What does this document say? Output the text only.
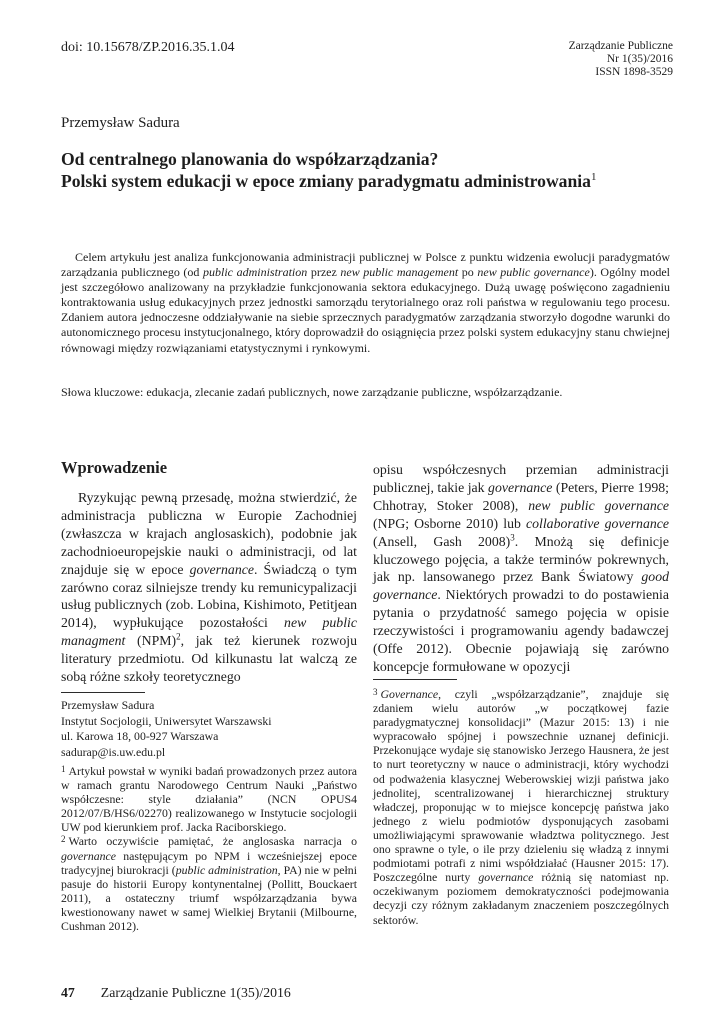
doi: 10.15678/ZP.2016.35.1.04	Zarządzanie Publiczne
Nr 1(35)/2016
ISSN 1898-3529
Przemysław Sadura
Od centralnego planowania do współzarządzania?
Polski system edukacji w epoce zmiany paradygmatu administrowania$^1$

Celem artykułu jest analiza funkcjonowania administracji publicznej w Polsce z punktu widzenia ewolucji paradygmatów zarządzania publicznego (od public administration przez new public management po new public governance). Ogólny model jest szczegółowo analizowany na przykładzie funkcjonowania sektora edukacyjnego. Dużą uwagę poświęcono zagadnieniu kontraktowania usług edukacyjnych przez jednostki samorządu terytorialnego oraz roli państwa w regulowaniu tego procesu. Zdaniem autora jednoczesne oddziaływanie na siebie sprzecznych paradygmatów zarządzania stworzyło dogodne warunki do autonomicznego procesu instytucjonalnego, który doprowadził do osiągnięcia przez polski system edukacyjny stanu chwiejnej równowagi między rozwiązaniami etatystycznymi i rynkowymi.

Słowa kluczowe: edukacja, zlecanie zadań publicznych, nowe zarządzanie publiczne, współzarządzanie.
Wprowadzenie

Ryzykując pewną przesadę, można stwierdzić, że administracja publiczna w Europie Zachodniej (zwłaszcza w krajach anglosaskich), podobnie jak zachodnioeuropejskie nauki o administracji, od lat znajduje się w epoce governance. Świadczą o tym zarówno coraz silniejsze trendy ku remunicypalizacji usług publicznych (zob. Lobina, Kishimoto, Petitjean 2014), wypłukujące pozostałości new public managment (NPM)$^2$, jak też kierunek rozwoju literatury przedmiotu. Od kilkunastu lat walczą ze sobą różne szkoły teoretycznego

opisu współczesnych przemian administracji publicznej, takie jak governance (Peters, Pierre 1998; Chhotray, Stoker 2008), new public governance (NPG; Osborne 2010) lub collaborative governance (Ansell, Gash 2008)$^3$. Mnożą się definicje kluczowego pojęcia, a także terminów pokrewnych, jak np. lansowanego przez Bank Światowy good governance. Niektórych prowadzi to do postawienia pytania o przydatność samego pojęcia w opisie rzeczywistości i programowaniu agendy badawczej (Offe 2012). Obecnie pojawiają się zarówno koncepcje formułowane w opozycji

Przemysław Sadura
Instytut Socjologii, Uniwersytet Warszawski
ul. Karowa 18, 00-927 Warszawa
sadurap@is.uw.edu.pl

$^1$ Artykuł powstał w wyniki badań prowadzonych przez autora w ramach grantu Narodowego Centrum Nauki „Państwo współczesne: style działania” (NCN OPUS4 2012/07/B/HS6/02270) realizowanego w Instytucie socjologii UW pod kierunkiem prof. Jacka Raciborskiego.

$^2$ Warto oczywiście pamiętać, że anglosaska narracja o governance następującym po NPM i wcześniejszej epoce tradycyjnej biurokracji (public administration, PA) nie w pełni pasuje do historii Europy kontynentalnej (Pollitt, Bouckaert 2011), a ostateczny triumf współzarządzania bywa kwestionowany nawet w samej Wielkiej Brytanii (Milbourne, Cushman 2012).

$^3$ Governance, czyli „współzarządzanie”, znajduje się zdaniem wielu autorów „w początkowej fazie paradygmatycznej konsolidacji” (Mazur 2015: 13) i nie wypracowało spójnej i powszechnie uznanej definicji. Przekonujące wydaje się stanowisko Jerzego Hausnera, że jest to nurt teoretyczny w nauce o administracji, który wychodzi od podważenia klasycznej Weberowskiej wizji państwa jako jednolitej, scentralizowanej i hierarchicznej struktury władczej, proponując w to miejsce koncepcję państwa jako jednego z wielu podmiotów dysponujących zasobami umożliwiającymi sprawowanie władztwa politycznego. Jest ono sprawne o tyle, o ile przy dzieleniu się władzą z innymi podmiotami potrafi z nimi współdziałać (Hausner 2015: 17). Poszczególne nurty governance różnią się natomiast np. oczekiwanym poziomem demokratyczności podejmowania decyzji czy różnym zakładanym znaczeniem poszczególnych sektorów.

47 Zarządzanie Publiczne 1(35)/2016
